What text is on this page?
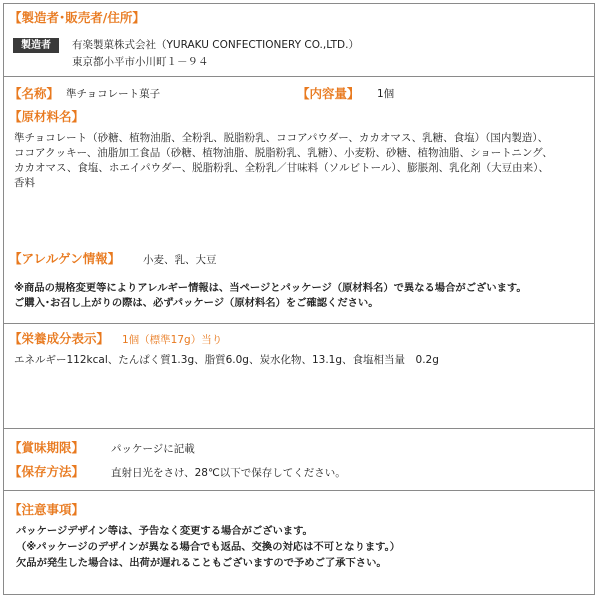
【製造者･販売者/住所】
製造者	有楽製菓株式会社（YURAKU CONFECTIONERY CO.,LTD.）
東京都小平市小川町１－９４
【名称】 準チョコレート菓子	【内容量】 1個
【原材料名】
準チョコレート（砂糖、植物油脂、全粉乳、脱脂粉乳、ココアパウダー、カカオマス、乳糖、食塩）（国内製造）、
ココアクッキー、油脂加工食品（砂糖、植物油脂、脱脂粉乳、乳糖）、小麦粉、砂糖、植物油脂、ショートニング、
カカオマス、食塩、ホエイパウダー、脱脂粉乳、全粉乳／甘味料（ソルビトール）、膨脹剤、乳化剤（大豆由来）、
香料
【アレルゲン情報】 小麦、乳、大豆
※商品の規格変更等によりアレルギー情報は、当ページとパッケージ（原材料名）で異なる場合がございます。
ご購入･お召し上がりの際は、必ずパッケージ（原材料名）をご確認ください。
【栄養成分表示】 1個（標準17g）当り
エネルギー112kcal、たんぱく質1.3g、脂質6.0g、炭水化物、13.1g、食塩相当量　0.2g
【賞味期限】	パッケージに記載
【保存方法】	直射日光をさけ、28℃以下で保存してください。
【注意事項】
パッケージデザイン等は、予告なく変更する場合がございます。
（※パッケージのデザインが異なる場合でも返品、交換の対応は不可となります。）
欠品が発生した場合は、出荷が遅れることもございますので予めご了承下さい。
